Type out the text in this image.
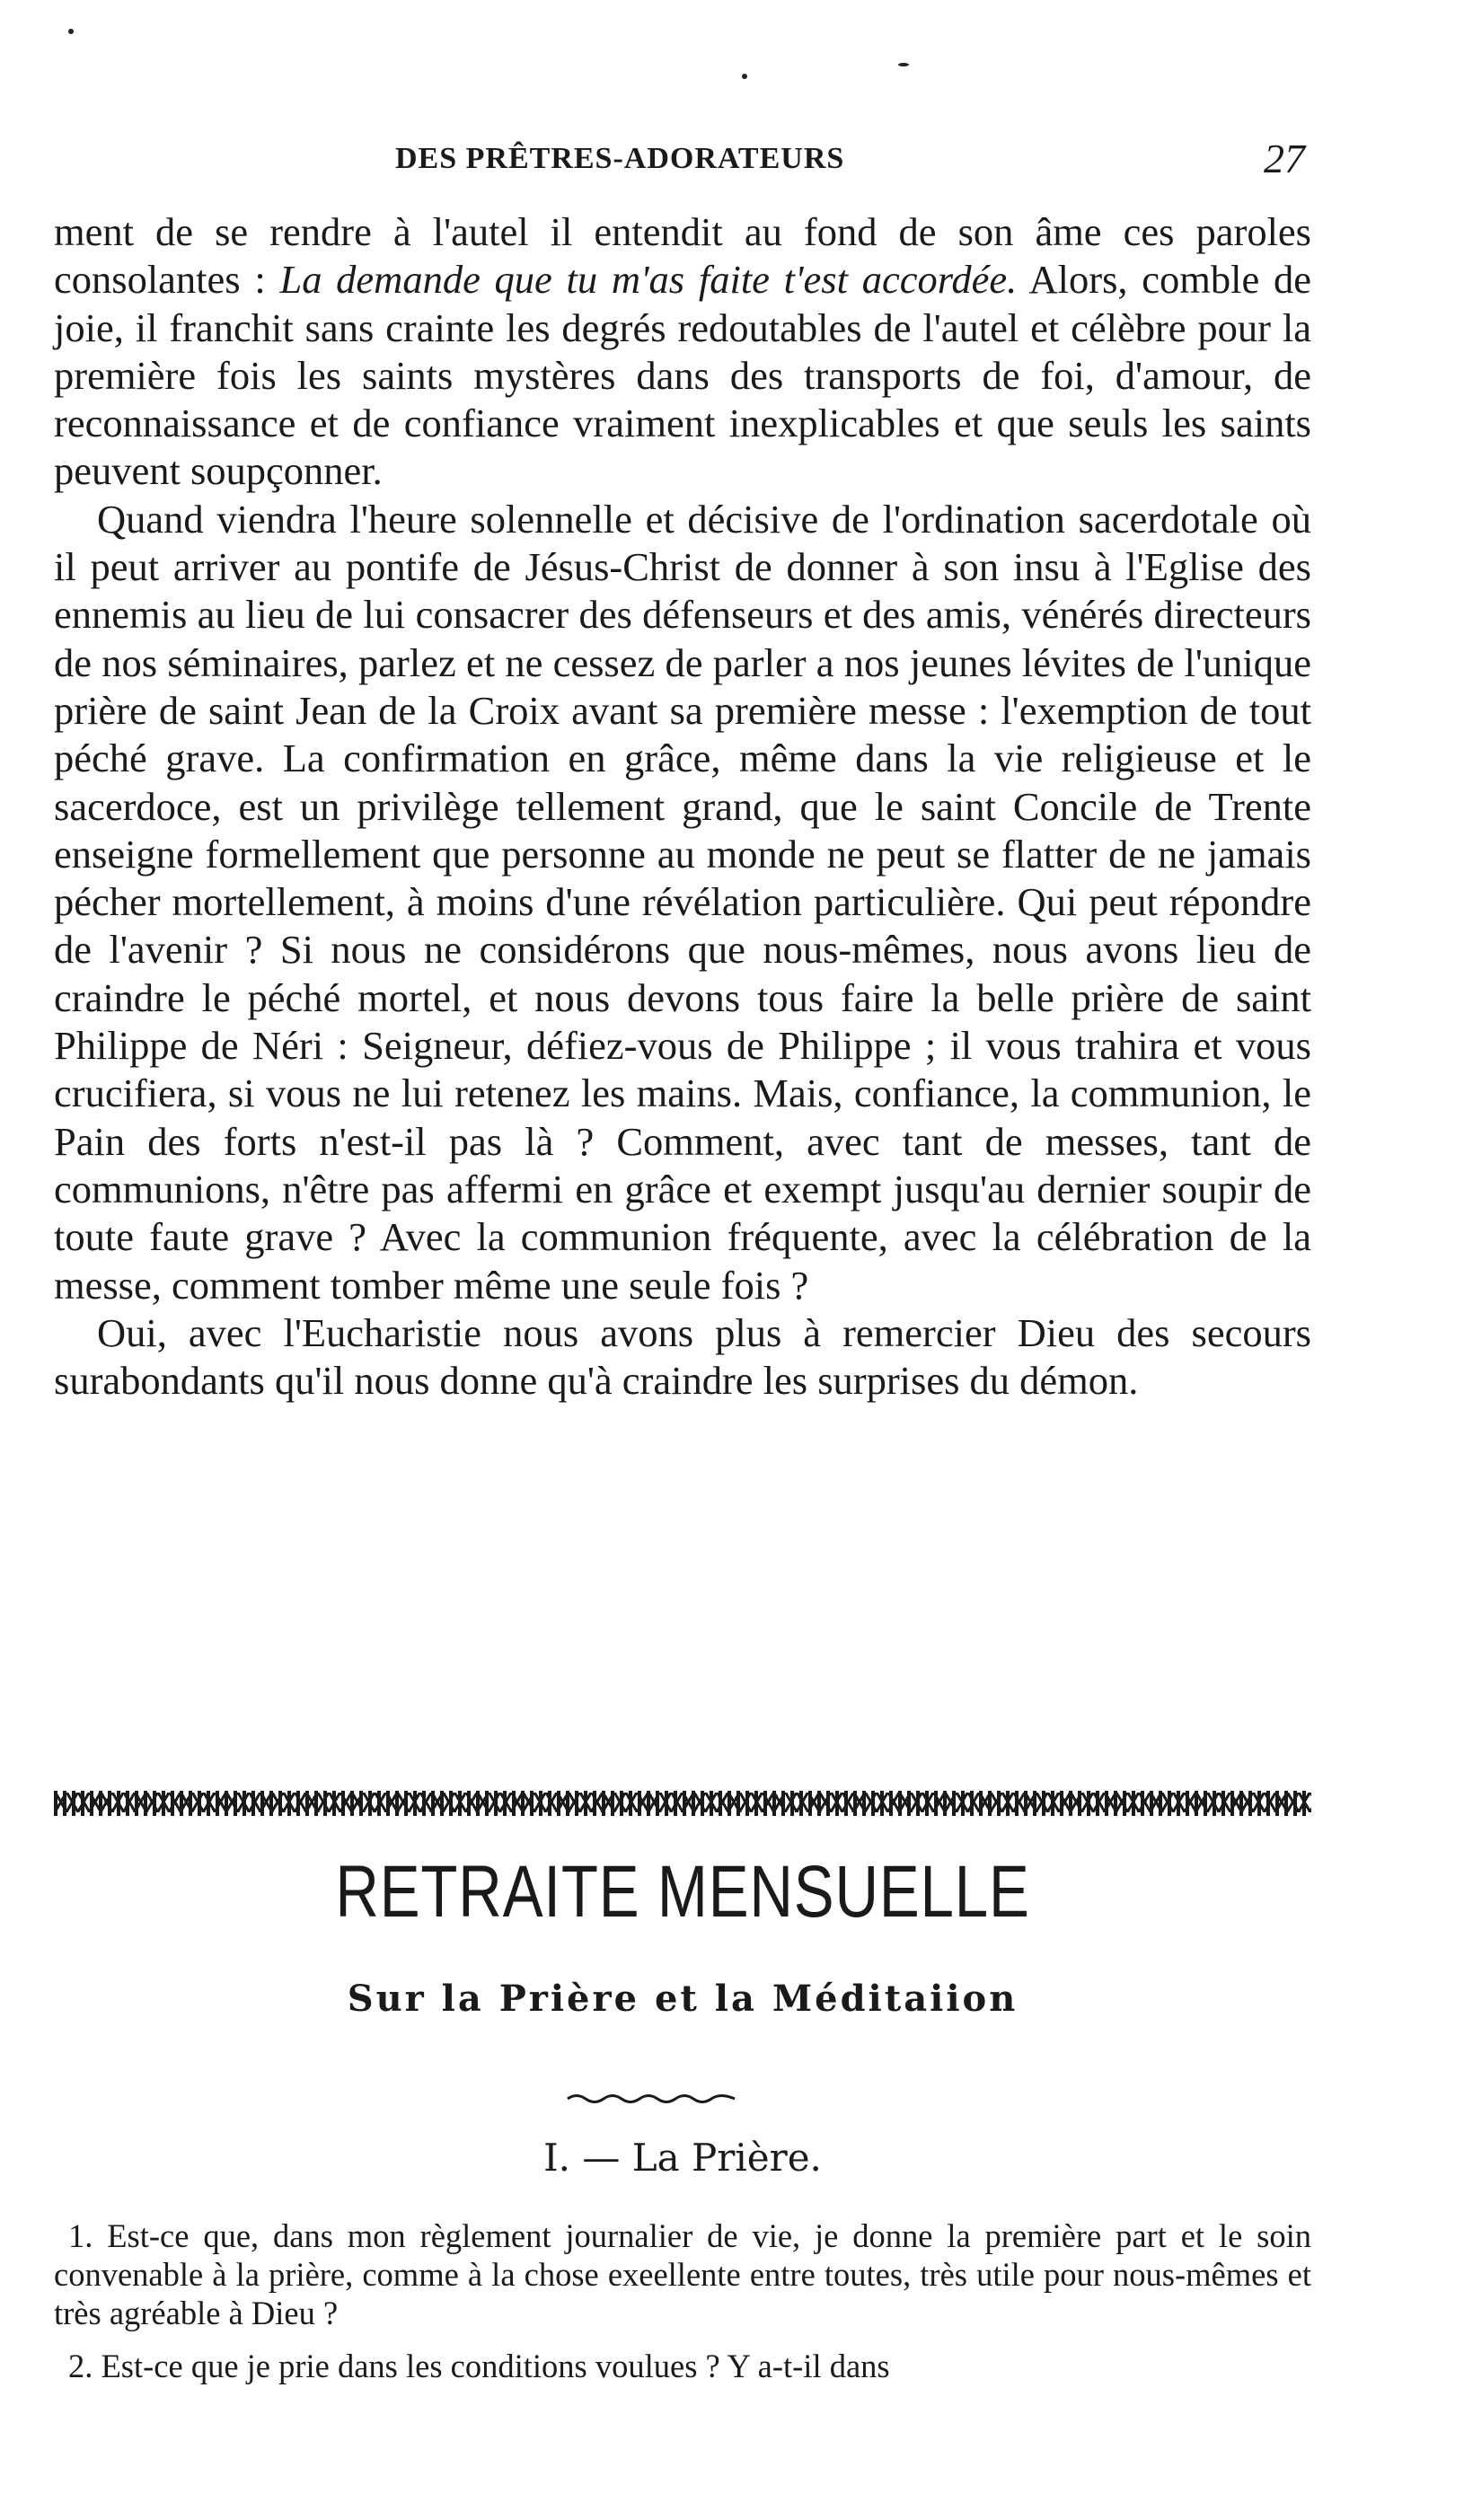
DES PRÊTRES-ADORATEURS	27

ment de se rendre à l'autel il entendit au fond de son âme ces paroles consolantes : La demande que tu m'as faite t'est accordée. Alors, comble de joie, il franchit sans crainte les degrés redoutables de l'autel et célèbre pour la première fois les saints mystères dans des transports de foi, d'amour, de reconnaissance et de confiance vraiment inexplicables et que seuls les saints peuvent soupçonner.

Quand viendra l'heure solennelle et décisive de l'ordination sacerdotale où il peut arriver au pontife de Jésus-Christ de donner à son insu à l'Eglise des ennemis au lieu de lui consacrer des défenseurs et des amis, vénérés directeurs de nos séminaires, parlez et ne cessez de parler a nos jeunes lévites de l'unique prière de saint Jean de la Croix avant sa première messe : l'exemption de tout péché grave. La confirmation en grâce, même dans la vie religieuse et le sacerdoce, est un privilège tellement grand, que le saint Concile de Trente enseigne formellement que personne au monde ne peut se flatter de ne jamais pécher mortellement, à moins d'une révélation particulière. Qui peut répondre de l'avenir ? Si nous ne considérons que nous-mêmes, nous avons lieu de craindre le péché mortel, et nous devons tous faire la belle prière de saint Philippe de Néri : Seigneur, défiez-vous de Philippe ; il vous trahira et vous crucifiera, si vous ne lui retenez les mains. Mais, confiance, la communion, le Pain des forts n'est-il pas là ? Comment, avec tant de messes, tant de communions, n'être pas affermi en grâce et exempt jusqu'au dernier soupir de toute faute grave ? Avec la communion fréquente, avec la célébration de la messe, comment tomber même une seule fois ?

Oui, avec l'Eucharistie nous avons plus à remercier Dieu des secours surabondants qu'il nous donne qu'à craindre les surprises du démon.

RETRAITE MENSUELLE
Sur la Prière et la Méditaiion
I. — La Prière.

1. Est-ce que, dans mon règlement journalier de vie, je donne la première part et le soin convenable à la prière, comme à la chose exeellente entre toutes, très utile pour nous-mêmes et très agréable à Dieu ?

2. Est-ce que je prie dans les conditions voulues ? Y a-t-il dans
